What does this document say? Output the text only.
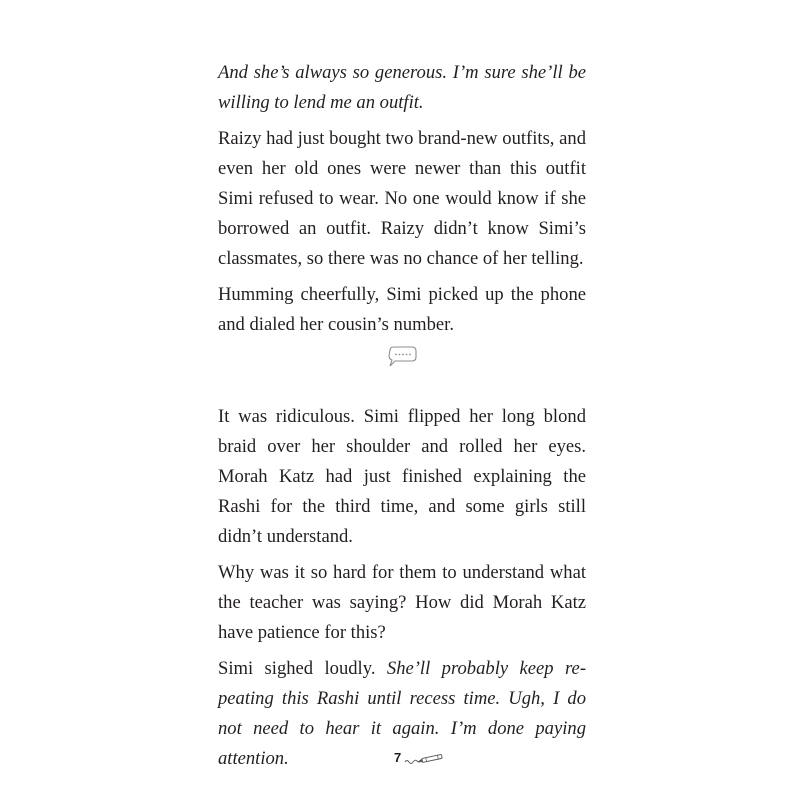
And she’s always so generous. I’m sure she’ll be willing to lend me an outfit.

Raizy had just bought two brand-new outfits, and even her old ones were newer than this outfit Simi refused to wear. No one would know if she borrowed an outfit. Raizy didn’t know Simi’s classmates, so there was no chance of her telling.

Humming cheerfully, Simi picked up the phone and dialed her cousin’s number.

It was ridiculous. Simi flipped her long blond braid over her shoulder and rolled her eyes. Morah Katz had just finished explaining the Rashi for the third time, and some girls still didn’t understand.

Why was it so hard for them to understand what the teacher was saying? How did Morah Katz have patience for this?

Simi sighed loudly. She’ll probably keep repeating this Rashi until recess time. Ugh, I do not need to hear it again. I’m done paying attention.	7
